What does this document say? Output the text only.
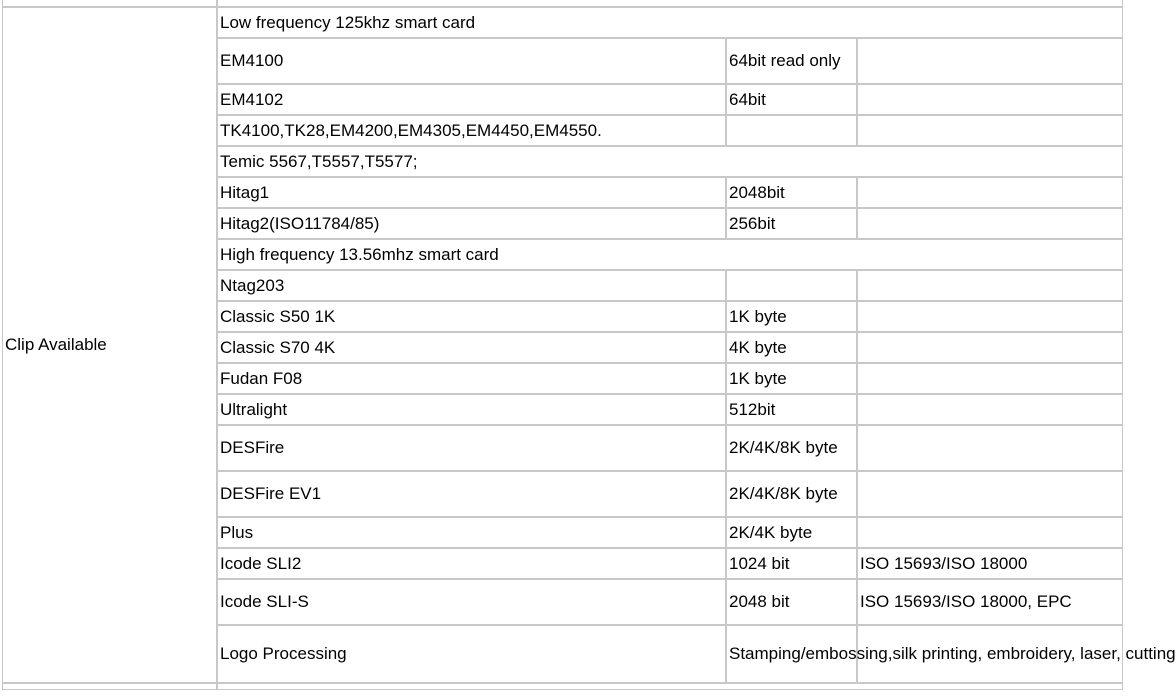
Clip Available	Low frequency 125khz smart card			
	EM4100	64bit read only		
	EM4102	64bit		
	TK4100,TK28,EM4200,EM4305,EM4450,EM4550.			
	Temic 5567,T5557,T5577;			
	Hitag1	2048bit		
	Hitag2(ISO11784/85)	256bit		
	High frequency 13.56mhz smart card			
	Ntag203			
	Classic S50 1K	1K byte		
	Classic S70 4K	4K byte		
	Fudan F08	1K byte		
	Ultralight	512bit		
	DESFire	2K/4K/8K byte		
	DESFire EV1	2K/4K/8K byte		
	Plus	2K/4K byte		
	Icode SLI2	1024 bit	ISO 15693/ISO 18000	
	Icode SLI-S	2048 bit	ISO 15693/ISO 18000, EPC	
	Logo Processing	Stamping/embossing,silk printing, embroidery, laser, cutting		
